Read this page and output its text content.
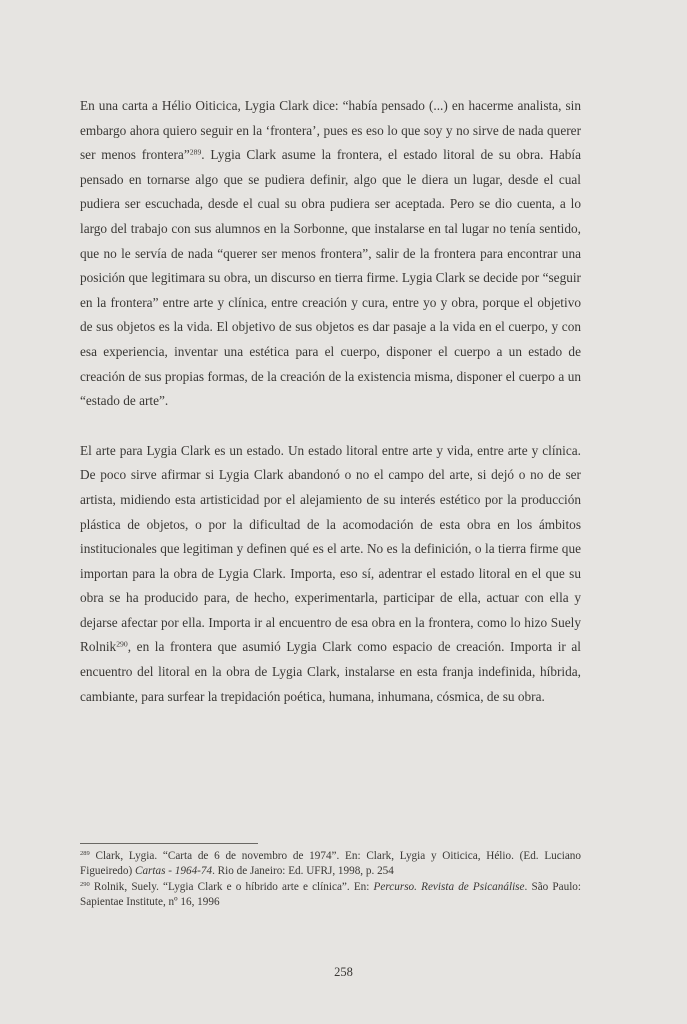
En una carta a Hélio Oiticica, Lygia Clark dice: “había pensado (...) en hacerme analista, sin embargo ahora quiero seguir en la ‘frontera’, pues es eso lo que soy y no sirve de nada querer ser menos frontera”$^{289}$. Lygia Clark asume la frontera, el estado litoral de su obra. Había pensado en tornarse algo que se pudiera definir, algo que le diera un lugar, desde el cual pudiera ser escuchada, desde el cual su obra pudiera ser aceptada. Pero se dio cuenta, a lo largo del trabajo con sus alumnos en la Sorbonne, que instalarse en tal lugar no tenía sentido, que no le servía de nada “querer ser menos frontera”, salir de la frontera para encontrar una posición que legitimara su obra, un discurso en tierra firme. Lygia Clark se decide por “seguir en la frontera” entre arte y clínica, entre creación y cura, entre yo y obra, porque el objetivo de sus objetos es la vida. El objetivo de sus objetos es dar pasaje a la vida en el cuerpo, y con esa experiencia, inventar una estética para el cuerpo, disponer el cuerpo a un estado de creación de sus propias formas, de la creación de la existencia misma, disponer el cuerpo a un “estado de arte”.

El arte para Lygia Clark es un estado. Un estado litoral entre arte y vida, entre arte y clínica. De poco sirve afirmar si Lygia Clark abandonó o no el campo del arte, si dejó o no de ser artista, midiendo esta artisticidad por el alejamiento de su interés estético por la producción plástica de objetos, o por la dificultad de la acomodación de esta obra en los ámbitos institucionales que legitiman y definen qué es el arte. No es la definición, o la tierra firme que importan para la obra de Lygia Clark. Importa, eso sí, adentrar el estado litoral en el que su obra se ha producido para, de hecho, experimentarla, participar de ella, actuar con ella y dejarse afectar por ella. Importa ir al encuentro de esa obra en la frontera, como lo hizo Suely Rolnik$^{290}$, en la frontera que asumió Lygia Clark como espacio de creación. Importa ir al encuentro del litoral en la obra de Lygia Clark, instalarse en esta franja indefinida, híbrida, cambiante, para surfear la trepidación poética, humana, inhumana, cósmica, de su obra.

$^{289}$ Clark, Lygia. “Carta de 6 de novembro de 1974”. En: Clark, Lygia y Oiticica, Hélio. (Ed. Luciano Figueiredo) Cartas - 1964-74. Rio de Janeiro: Ed. UFRJ, 1998, p. 254

$^{290}$ Rolnik, Suely. “Lygia Clark e o híbrido arte e clínica”. En: Percurso. Revista de Psicanálise. São Paulo: Sapientae Institute, nº 16, 1996

258
